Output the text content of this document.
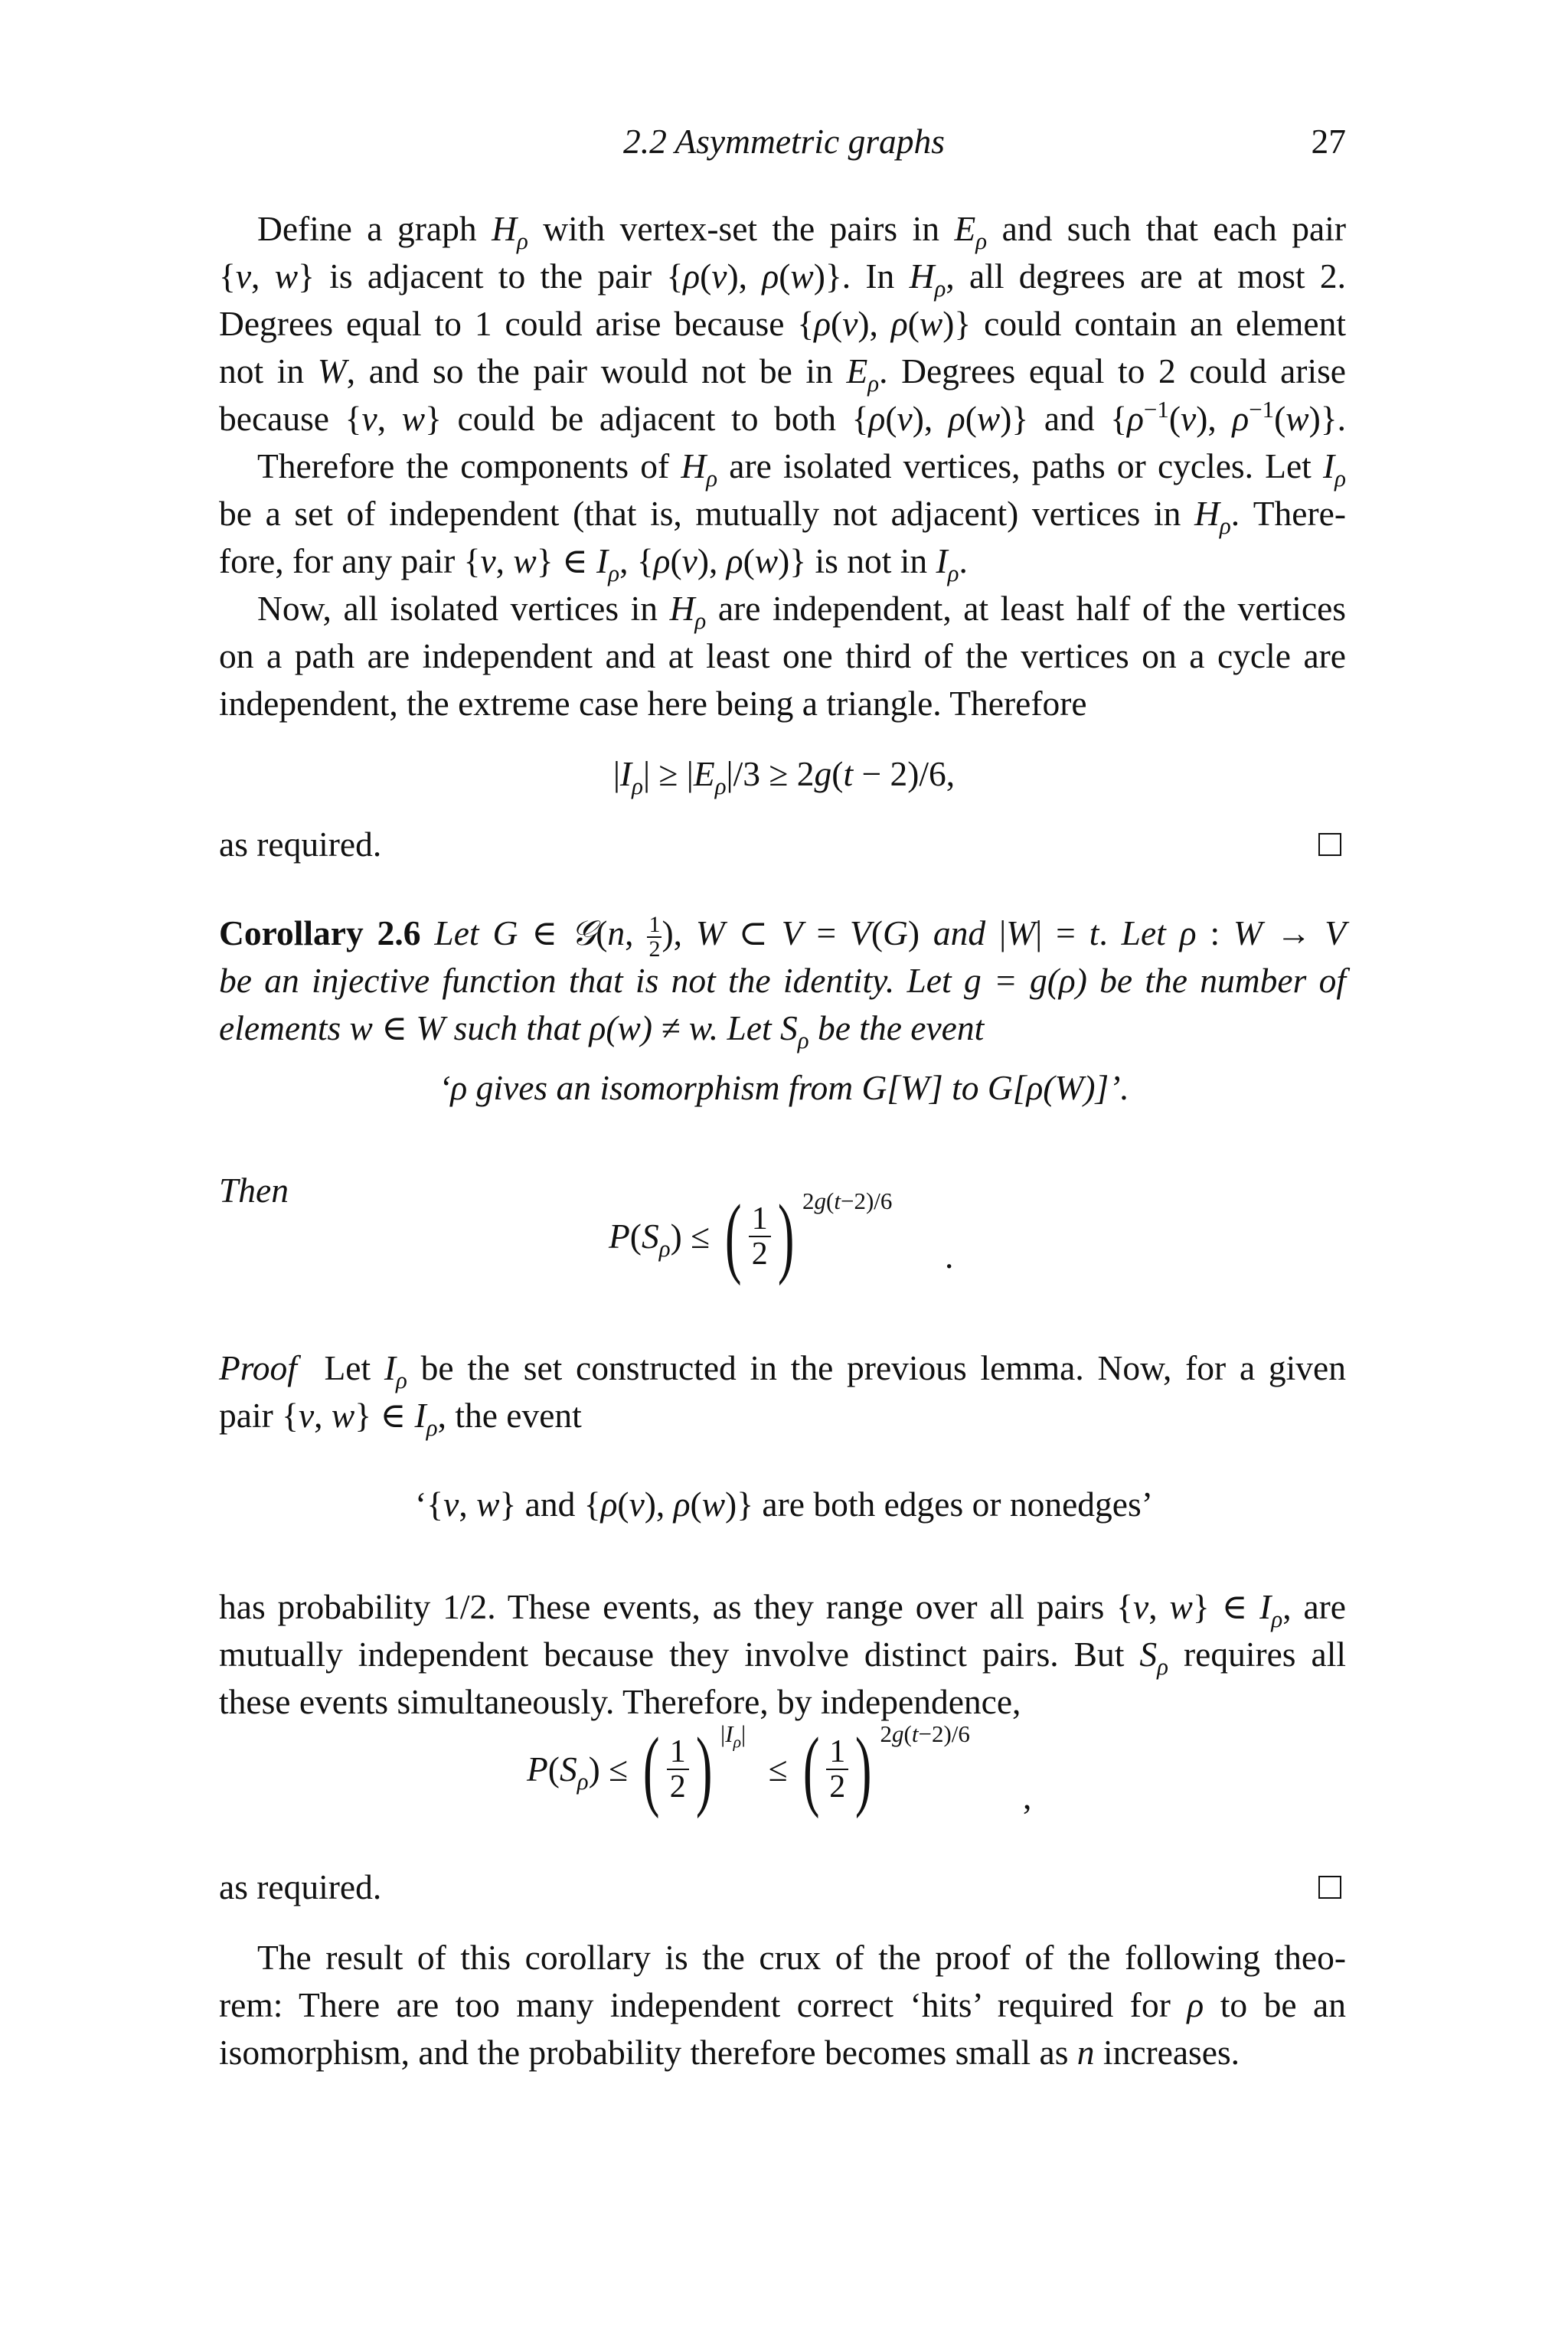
2.2 Asymmetric graphs	27
Define a graph $H_\rho$ with vertex-set the pairs in $E_\rho$ and such that each pair
{v, w} is adjacent to the pair {ρ(v), ρ(w)}. In $H_\rho$, all degrees are at most 2.
Degrees equal to 1 could arise because {ρ(v), ρ(w)} could contain an element
not in W, and so the pair would not be in $E_\rho$. Degrees equal to 2 could arise
because {v, w} could be adjacent to both {ρ(v), ρ(w)} and {$\rho^{-1}(v)$, $\rho^{-1}(w)$}.
Therefore the components of $H_\rho$ are isolated vertices, paths or cycles. Let $I_\rho$
be a set of independent (that is, mutually not adjacent) vertices in $H_\rho$. There-
fore, for any pair {v, w} ∈ $I_\rho$, {ρ(v), ρ(w)} is not in $I_\rho$.
Now, all isolated vertices in $H_\rho$ are independent, at least half of the vertices
on a path are independent and at least one third of the vertices on a cycle are
independent, the extreme case here being a triangle. Therefore
$|I_\rho| \ge |E_\rho|/3 \ge 2g(t - 2)/6$,
as required.
Corollary 2.6 Let G ∈ 𝒢(n, $\frac{1}{2}$ ), W ⊂ V = V(G) and |W| = t. Let ρ : W → V
be an injective function that is not the identity. Let g = g(ρ) be the number of
elements w ∈ W such that ρ(w) ≠ w. Let $S_\rho$ be the event
‘ρ gives an isomorphism from G[W] to G[ρ(W)]’.
Then
$P(S_\rho)$ ≤ ( $\frac{1}{2}$ ) $^{2g(t-2)/6}$
.
Proof  Let $I_\rho$ be the set constructed in the previous lemma. Now, for a given
pair {v, w} ∈ $I_\rho$, the event
‘{v, w} and {ρ(v), ρ(w)} are both edges or nonedges’
has probability 1/2. These events, as they range over all pairs {v, w} ∈ $I_\rho$, are
mutually independent because they involve distinct pairs. But $S_\rho$ requires all
these events simultaneously. Therefore, by independence,
$P(S_\rho)$ ≤ ( $\frac{1}{2}$ ) $^{|I_\rho|}$ ≤ ( $\frac{1}{2}$ ) $^{2g(t-2)/6}$
,
as required.
The result of this corollary is the crux of the proof of the following theo-
rem: There are too many independent correct ‘hits’ required for ρ to be an
isomorphism, and the probability therefore becomes small as n increases.
